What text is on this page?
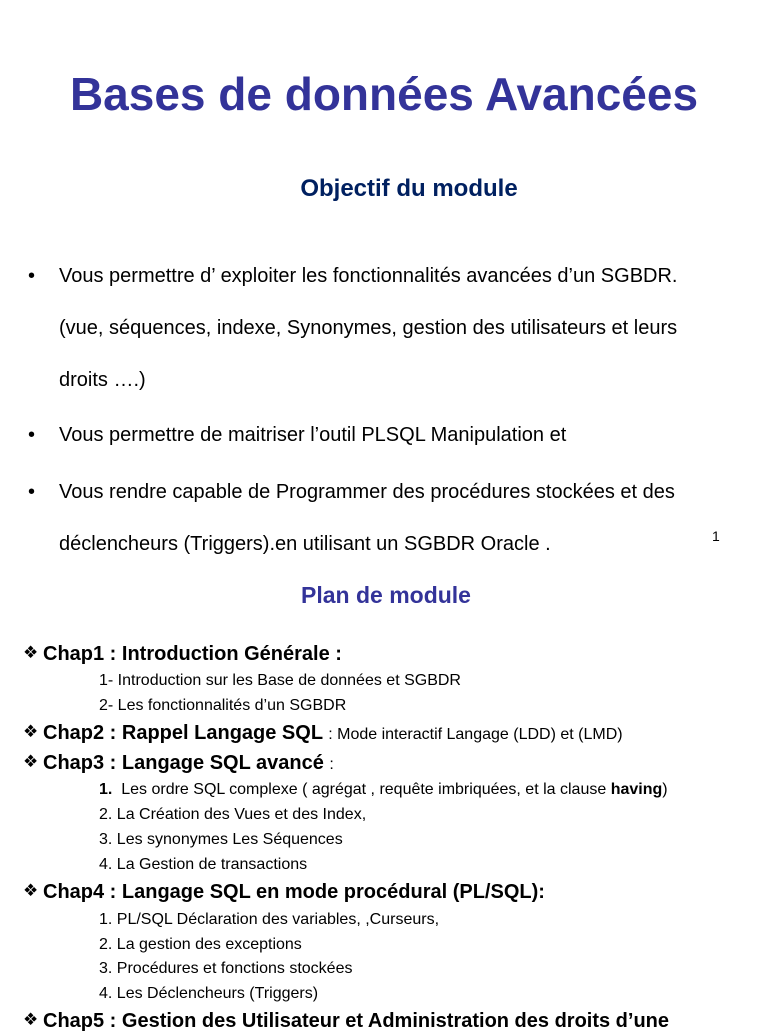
Bases de données Avancées
Objectif du module
• Vous permettre d’ exploiter les fonctionnalités avancées d’un SGBDR.
(vue, séquences, indexe, Synonymes, gestion des utilisateurs et leurs
droits ….)
• Vous permettre de maitriser l’outil PLSQL Manipulation et
• Vous rendre capable de Programmer des procédures stockées et des
déclencheurs (Triggers).en utilisant un SGBDR Oracle .	1
Plan de module
❖ Chap1 : Introduction Générale :
1- Introduction sur les Base de données et SGBDR
2- Les fonctionnalités d’un SGBDR
❖ Chap2 : Rappel Langage SQL : Mode interactif Langage (LDD) et (LMD)
❖ Chap3 : Langage SQL avancé :
1.  Les ordre SQL complexe ( agrégat , requête imbriquées, et la clause having)
2. La Création des Vues et des Index,
3. Les synonymes Les Séquences
4. La Gestion de transactions
❖ Chap4 : Langage SQL en mode procédural (PL/SQL):
1. PL/SQL Déclaration des variables, ,Curseurs,
2. La gestion des exceptions
3. Procédures et fonctions stockées
4. Les Déclencheurs (Triggers)
❖ Chap5 : Gestion des Utilisateur et Administration des droits d’une
